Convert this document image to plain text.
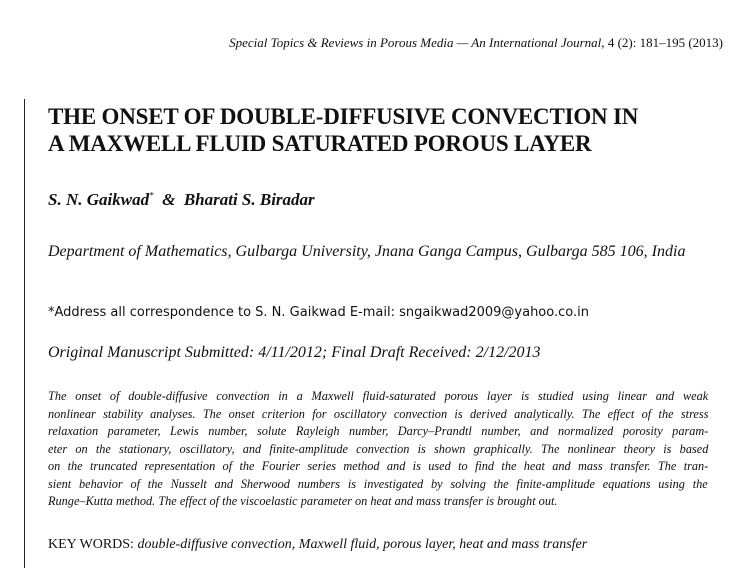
Special Topics & Reviews in Porous Media — An International Journal, 4 (2): 181–195 (2013)
THE ONSET OF DOUBLE-DIFFUSIVE CONVECTION IN
A MAXWELL FLUID SATURATED POROUS LAYER
S. N. Gaikwad*  &  Bharati S. Biradar
Department of Mathematics, Gulbarga University, Jnana Ganga Campus, Gulbarga 585 106, India
*Address all correspondence to S. N. Gaikwad E-mail: sngaikwad2009@yahoo.co.in
Original Manuscript Submitted: 4/11/2012; Final Draft Received: 2/12/2013
The onset of double-diffusive convection in a Maxwell fluid-saturated porous layer is studied using linear and weak
nonlinear stability analyses. The onset criterion for oscillatory convection is derived analytically. The effect of the stress
relaxation parameter, Lewis number, solute Rayleigh number, Darcy–Prandtl number, and normalized porosity param-
eter on the stationary, oscillatory, and finite-amplitude convection is shown graphically. The nonlinear theory is based
on the truncated representation of the Fourier series method and is used to find the heat and mass transfer. The tran-
sient behavior of the Nusselt and Sherwood numbers is investigated by solving the finite-amplitude equations using the
Runge–Kutta method. The effect of the viscoelastic parameter on heat and mass transfer is brought out.
KEY WORDS: double-diffusive convection, Maxwell fluid, porous layer, heat and mass transfer
